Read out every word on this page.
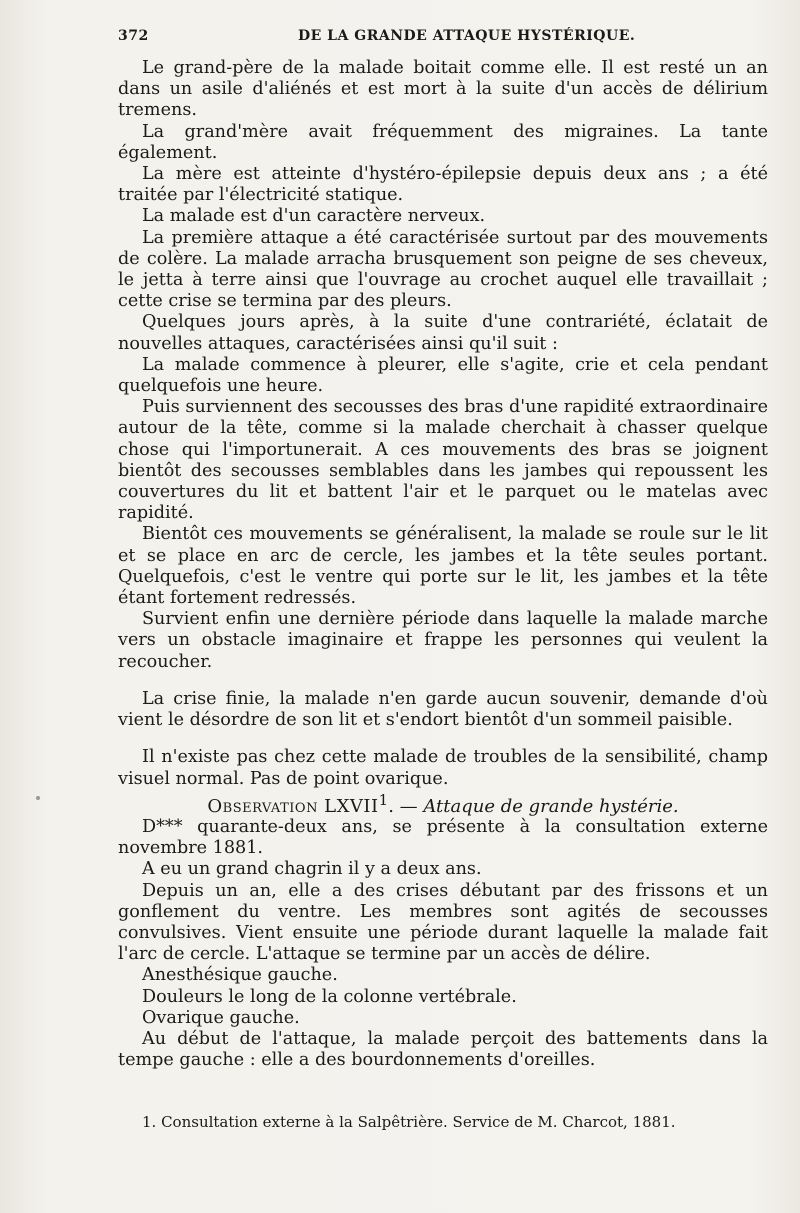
372	DE LA GRANDE ATTAQUE HYSTÉRIQUE.

Le grand-père de la malade boitait comme elle. Il est resté un an dans un asile d'aliénés et est mort à la suite d'un accès de délirium tremens.

La grand'mère avait fréquemment des migraines. La tante également.

La mère est atteinte d'hystéro-épilepsie depuis deux ans ; a été traitée par l'électricité statique.

La malade est d'un caractère nerveux.

La première attaque a été caractérisée surtout par des mouvements de colère. La malade arracha brusquement son peigne de ses cheveux, le jetta à terre ainsi que l'ouvrage au crochet auquel elle travaillait ; cette crise se termina par des pleurs.

Quelques jours après, à la suite d'une contrariété, éclatait de nouvelles attaques, caractérisées ainsi qu'il suit :

La malade commence à pleurer, elle s'agite, crie et cela pendant quelquefois une heure.

Puis surviennent des secousses des bras d'une rapidité extraordinaire autour de la tête, comme si la malade cherchait à chasser quelque chose qui l'importunerait. A ces mouvements des bras se joignent bientôt des secousses semblables dans les jambes qui repoussent les couvertures du lit et battent l'air et le parquet ou le matelas avec rapidité.

Bientôt ces mouvements se généralisent, la malade se roule sur le lit et se place en arc de cercle, les jambes et la tête seules portant. Quelquefois, c'est le ventre qui porte sur le lit, les jambes et la tête étant fortement redressés.

Survient enfin une dernière période dans laquelle la malade marche vers un obstacle imaginaire et frappe les personnes qui veulent la recoucher.

La crise finie, la malade n'en garde aucun souvenir, demande d'où vient le désordre de son lit et s'endort bientôt d'un sommeil paisible.

Il n'existe pas chez cette malade de troubles de la sensibilité, champ visuel normal. Pas de point ovarique.

Observation LXVII$^1$. — Attaque de grande hystérie.

D*** quarante-deux ans, se présente à la consultation externe novembre 1881.

A eu un grand chagrin il y a deux ans.

Depuis un an, elle a des crises débutant par des frissons et un gonflement du ventre. Les membres sont agités de secousses convulsives. Vient ensuite une période durant laquelle la malade fait l'arc de cercle. L'attaque se termine par un accès de délire.

Anesthésique gauche.

Douleurs le long de la colonne vertébrale.

Ovarique gauche.

Au début de l'attaque, la malade perçoit des battements dans la tempe gauche : elle a des bourdonnements d'oreilles.

1. Consultation externe à la Salpêtrière. Service de M. Charcot, 1881.
